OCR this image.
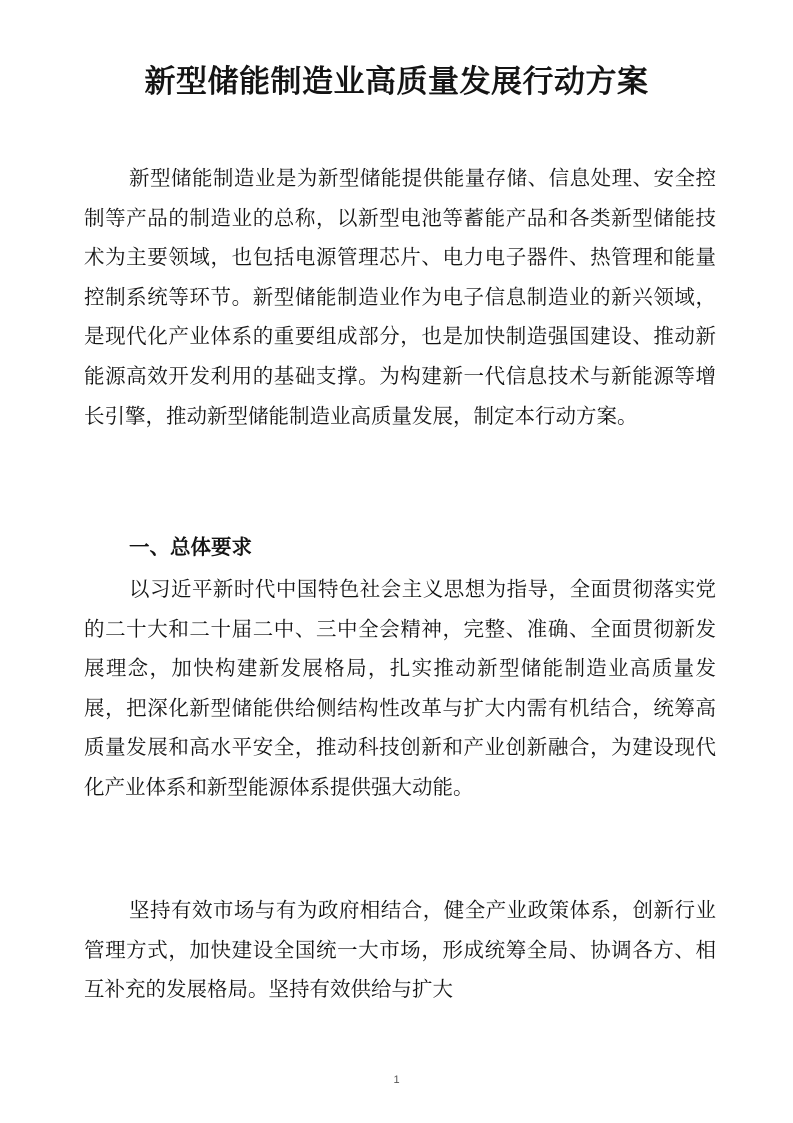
新型储能制造业高质量发展行动方案

新型储能制造业是为新型储能提供能量存储、信息处理、安全控制等产品的制造业的总称，以新型电池等蓄能产品和各类新型储能技术为主要领域，也包括电源管理芯片、电力电子器件、热管理和能量控制系统等环节。新型储能制造业作为电子信息制造业的新兴领域，是现代化产业体系的重要组成部分，也是加快制造强国建设、推动新能源高效开发利用的基础支撑。为构建新一代信息技术与新能源等增长引擎，推动新型储能制造业高质量发展，制定本行动方案。

一、总体要求

以习近平新时代中国特色社会主义思想为指导，全面贯彻落实党的二十大和二十届二中、三中全会精神，完整、准确、全面贯彻新发展理念，加快构建新发展格局，扎实推动新型储能制造业高质量发展，把深化新型储能供给侧结构性改革与扩大内需有机结合，统筹高质量发展和高水平安全，推动科技创新和产业创新融合，为建设现代化产业体系和新型能源体系提供强大动能。

坚持有效市场与有为政府相结合，健全产业政策体系，创新行业管理方式，加快建设全国统一大市场，形成统筹全局、协调各方、相互补充的发展格局。坚持有效供给与扩大

1
